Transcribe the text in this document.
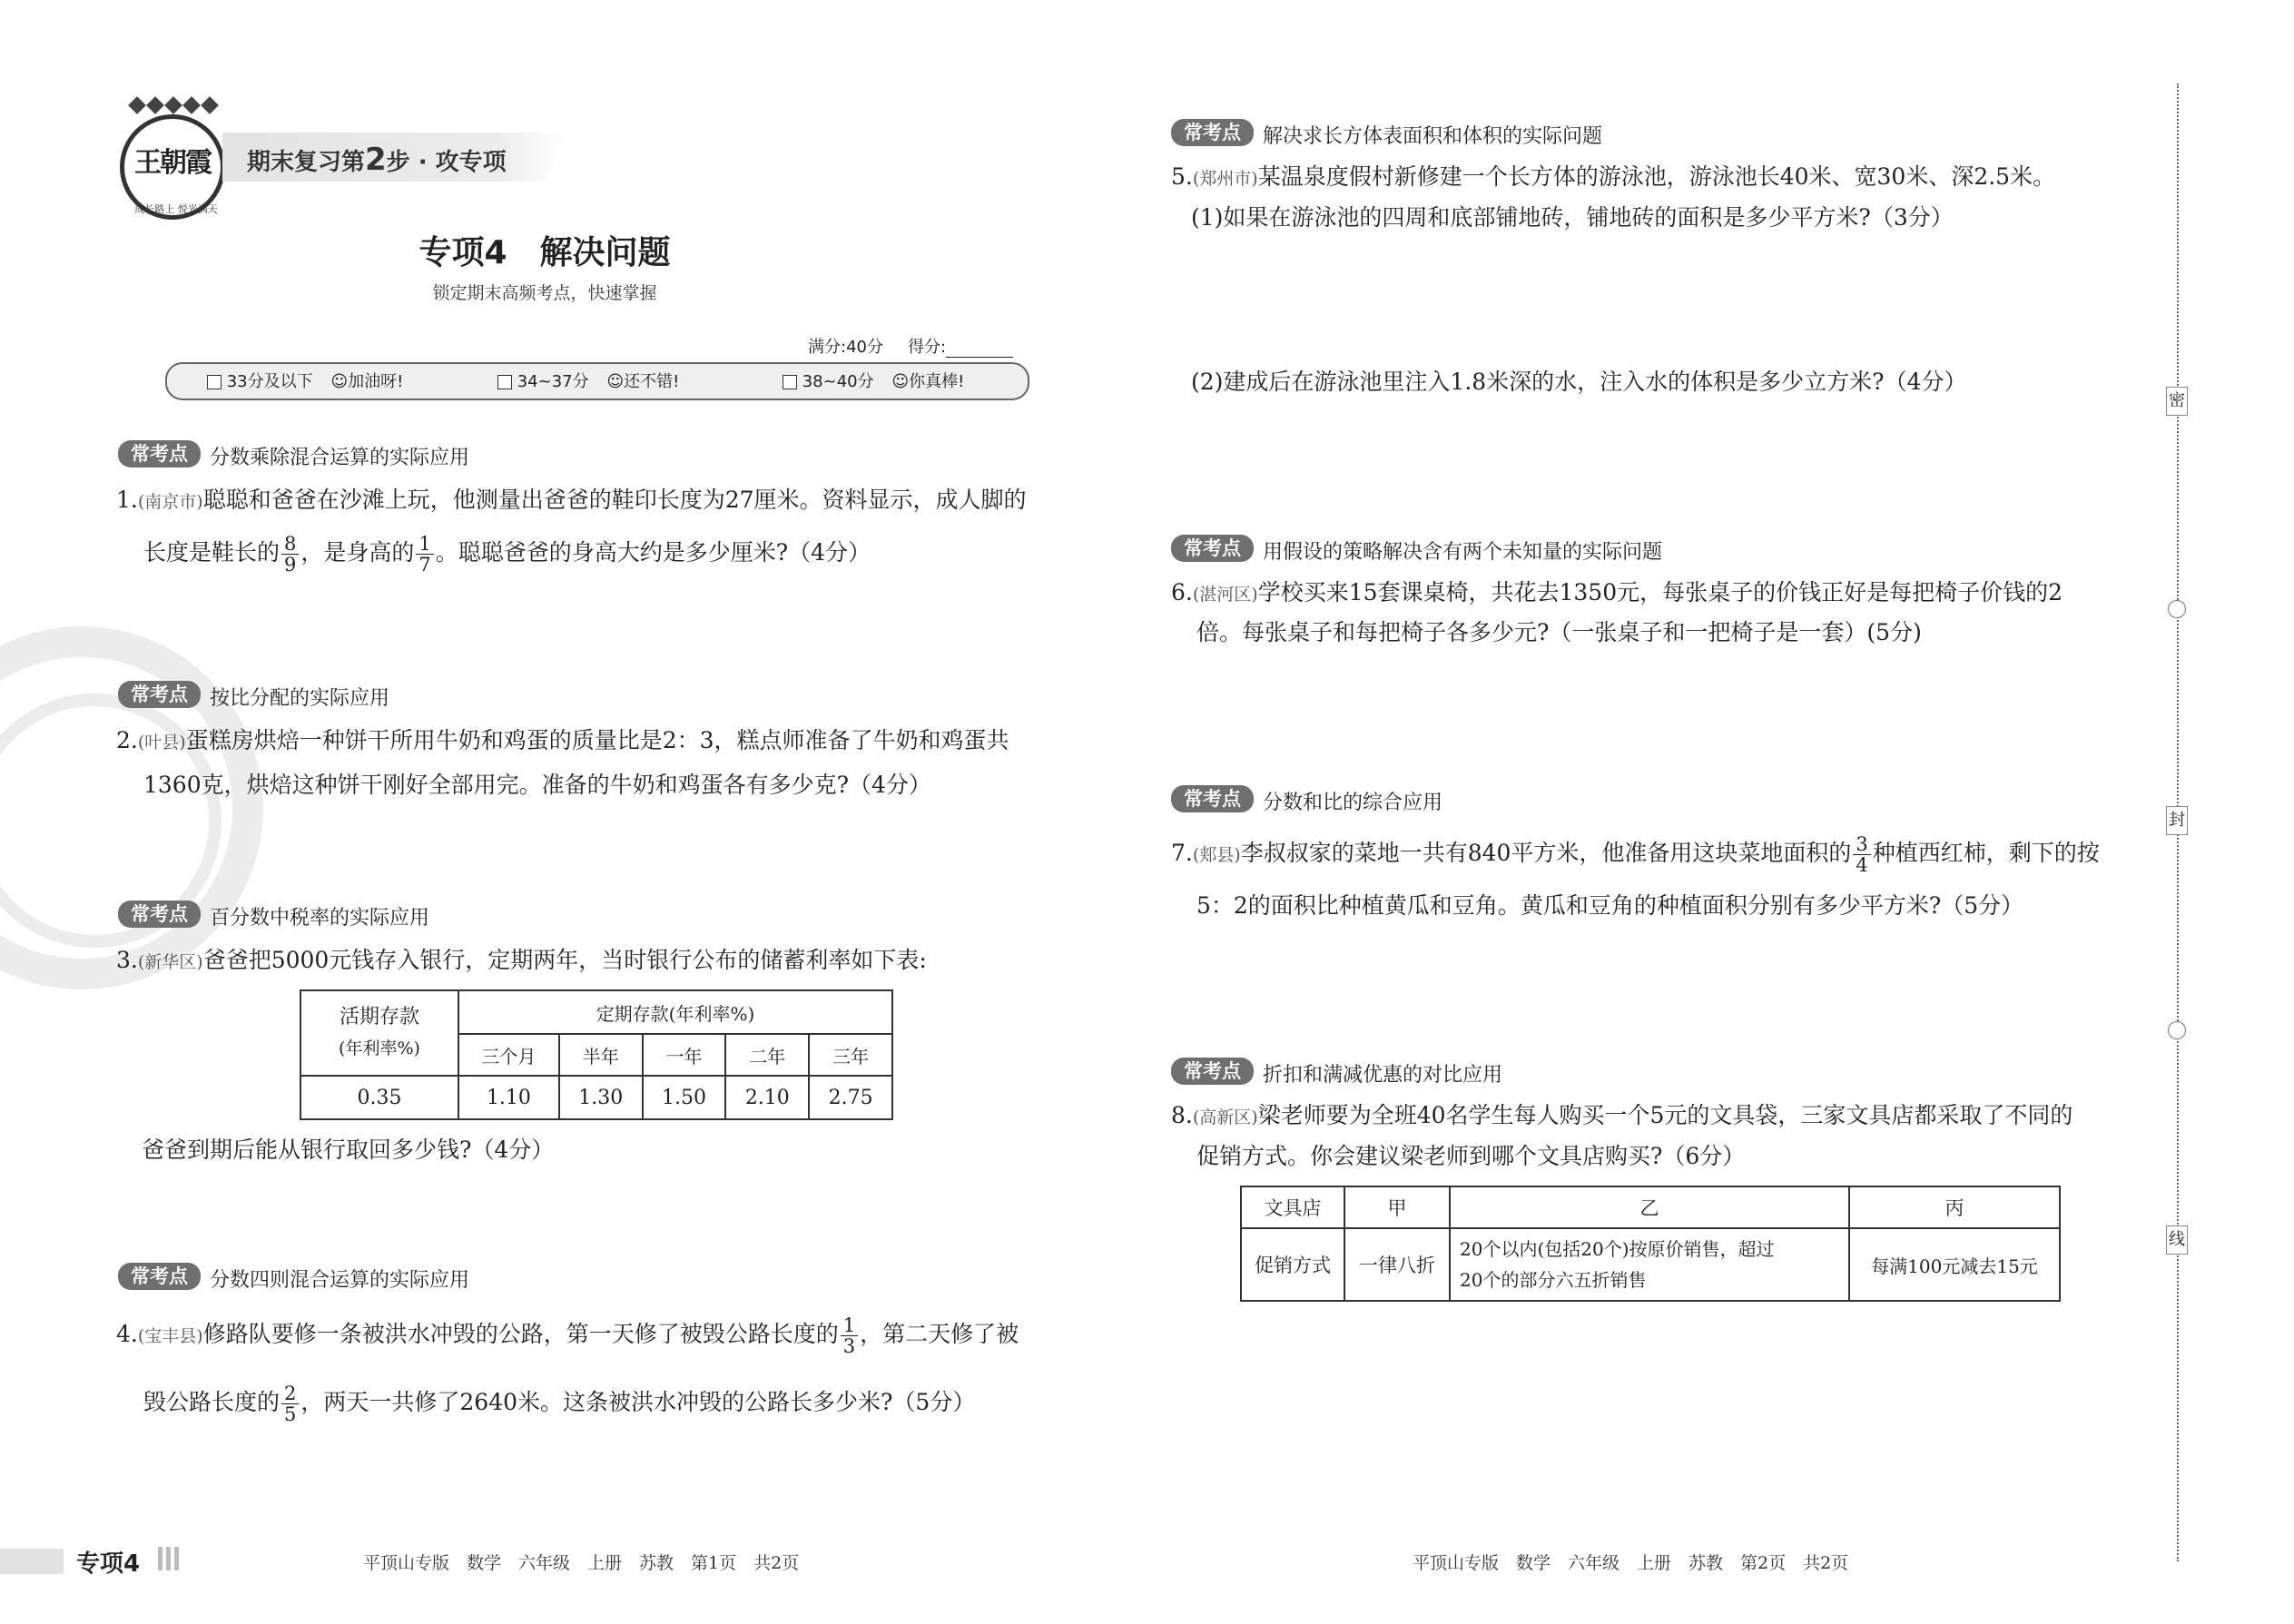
王朝霞
成长路上 悦光满天
期末复习第2步 · 攻专项
专项4　解决问题
锁定期末高频考点，快速掌握
满分:40分 得分:
33分及以下 ☺加油呀!	34~37分 ☺还不错!	38~40分 ☺你真棒!
常考点 分数乘除混合运算的实际应用
1.(南京市)聪聪和爸爸在沙滩上玩，他测量出爸爸的鞋印长度为27厘米。资料显示，成人脚的
长度是鞋长的 $\frac{8}{9}$ ，是身高的 $\frac{1}{7}$ 。聪聪爸爸的身高大约是多少厘米?（4分）
常考点 按比分配的实际应用
2.(叶县)蛋糕房烘焙一种饼干所用牛奶和鸡蛋的质量比是2：3，糕点师准备了牛奶和鸡蛋共
1360克，烘焙这种饼干刚好全部用完。准备的牛奶和鸡蛋各有多少克?（4分）
常考点 百分数中税率的实际应用
3.(新华区)爸爸把5000元钱存入银行，定期两年，当时银行公布的储蓄利率如下表:
活期存款
(年利率%)	定期存款(年利率%)				
	三个月	半年	一年	二年	三年
0.35	1.10	1.30	1.50	2.10	2.75
爸爸到期后能从银行取回多少钱?（4分）
常考点 分数四则混合运算的实际应用
4.(宝丰县)修路队要修一条被洪水冲毁的公路，第一天修了被毁公路长度的 $\frac{1}{3}$ ，第二天修了被
毁公路长度的 $\frac{2}{5}$ ，两天一共修了2640米。这条被洪水冲毁的公路长多少米?（5分）
常考点 解决求长方体表面积和体积的实际问题
5.(郑州市)某温泉度假村新修建一个长方体的游泳池，游泳池长40米、宽30米、深2.5米。
(1)如果在游泳池的四周和底部铺地砖，铺地砖的面积是多少平方米?（3分）
(2)建成后在游泳池里注入1.8米深的水，注入水的体积是多少立方米?（4分）
常考点 用假设的策略解决含有两个未知量的实际问题
6.(湛河区)学校买来15套课桌椅，共花去1350元，每张桌子的价钱正好是每把椅子价钱的2
倍。每张桌子和每把椅子各多少元?（一张桌子和一把椅子是一套）(5分)
常考点 分数和比的综合应用
7.(郏县)李叔叔家的菜地一共有840平方米，他准备用这块菜地面积的 $\frac{3}{4}$ 种植西红柿，剩下的按
5：2的面积比种植黄瓜和豆角。黄瓜和豆角的种植面积分别有多少平方米?（5分）
常考点 折扣和满减优惠的对比应用
8.(高新区)梁老师要为全班40名学生每人购买一个5元的文具袋，三家文具店都采取了不同的
促销方式。你会建议梁老师到哪个文具店购买?（6分）
文具店	甲	乙	丙
促销方式	一律八折	20个以内(包括20个)按原价销售，超过
20个的部分六五折销售	每满100元减去15元
密
封
线
专项4	平顶山专版　数学　六年级　上册　苏教　第1页　共2页	平顶山专版　数学　六年级　上册　苏教　第2页　共2页
